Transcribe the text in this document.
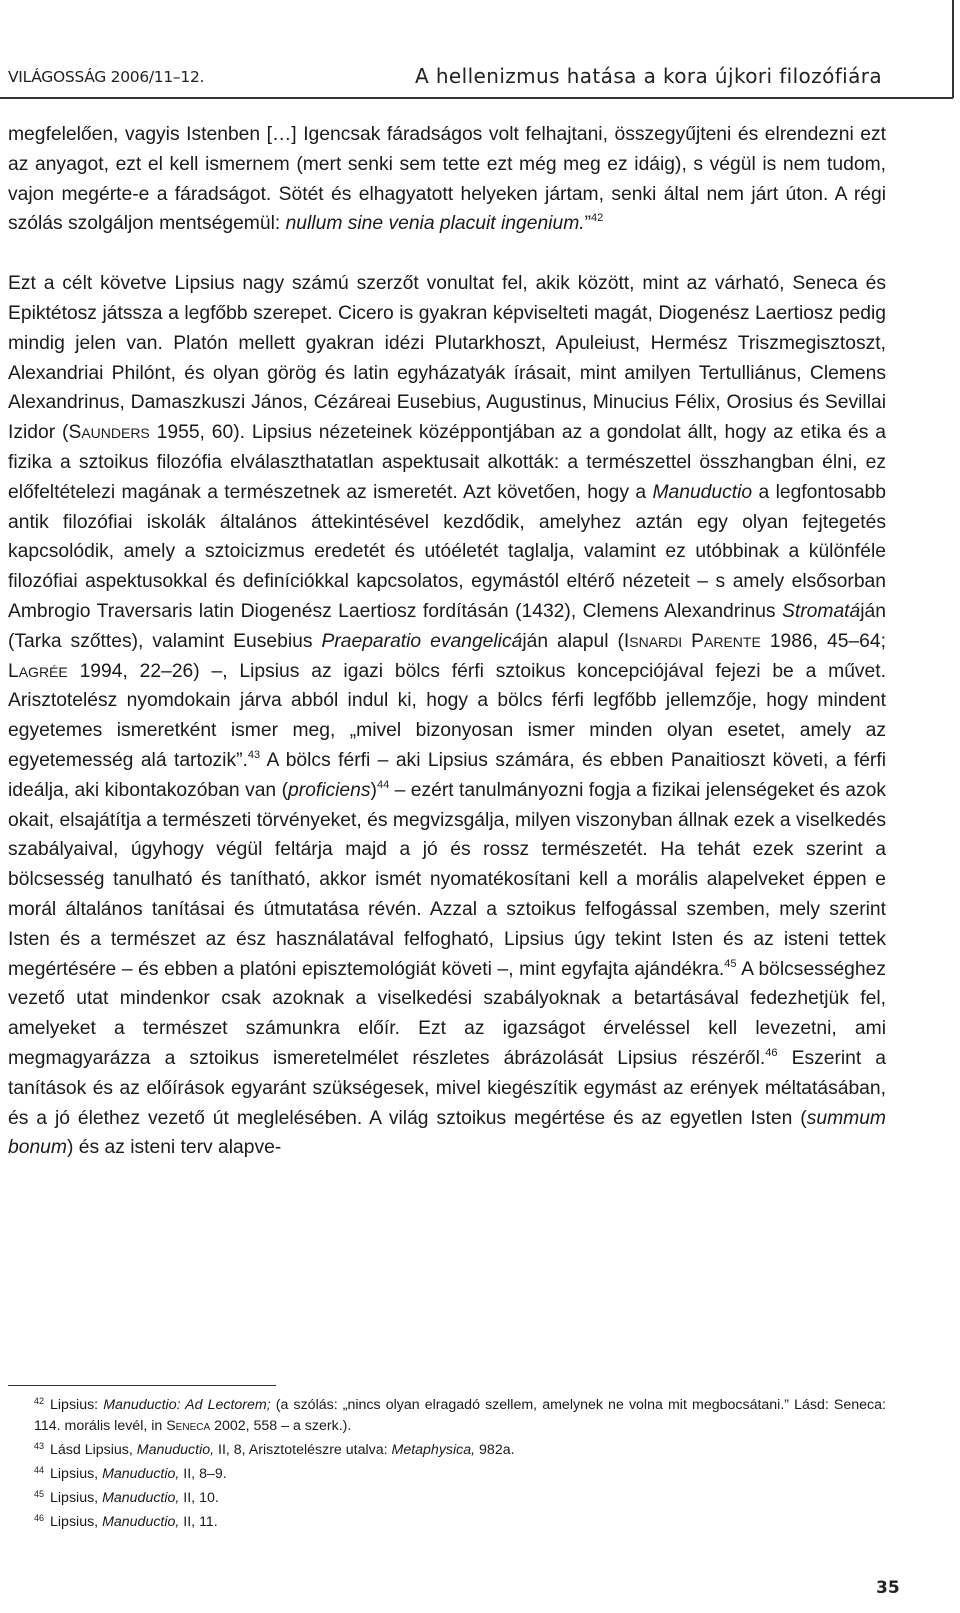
VILÁGOSSÁG 2006/11–12.	A hellenizmus hatása a kora újkori filozófiára

megfelelően, vagyis Istenben […] Igencsak fáradságos volt felhajtani, összegyűjteni és elrendezni ezt az anyagot, ezt el kell ismernem (mert senki sem tette ezt még meg ez idáig), s végül is nem tudom, vajon megérte-e a fáradságot. Sötét és elhagyatott helyeken jártam, senki által nem járt úton. A régi szólás szolgáljon mentségemül: nullum sine venia placuit ingenium.”$^{42}$

Ezt a célt követve Lipsius nagy számú szerzőt vonultat fel, akik között, mint az várható, Seneca és Epiktétosz játssza a legfőbb szerepet. Cicero is gyakran képviselteti magát, Diogenész Laertiosz pedig mindig jelen van. Platón mellett gyakran idézi Plutarkhoszt, Apuleiust, Hermész Triszmegisztoszt, Alexandriai Philónt, és olyan görög és latin egyházatyák írásait, mint amilyen Tertulliánus, Clemens Alexandrinus, Damaszkuszi János, Cézáreai Eusebius, Augustinus, Minucius Félix, Orosius és Sevillai Izidor (Saunders 1955, 60). Lipsius nézeteinek középpontjában az a gondolat állt, hogy az etika és a fizika a sztoikus filozófia elválaszthatatlan aspektusait alkották: a természettel összhangban élni, ez előfeltételezi magának a természetnek az ismeretét. Azt követően, hogy a Manuductio a legfontosabb antik filozófiai iskolák általános áttekintésével kezdődik, amelyhez aztán egy olyan fejtegetés kapcsolódik, amely a sztoicizmus eredetét és utóéletét taglalja, valamint ez utóbbinak a különféle filozófiai aspektusokkal és definíciókkal kapcsolatos, egymástól eltérő nézeteit – s amely elsősorban Ambrogio Traversaris latin Diogenész Laertiosz fordításán (1432), Clemens Alexandrinus Stromatáján (Tarka szőttes), valamint Eusebius Praeparatio evangelicáján alapul (Isnardi Parente 1986, 45–64; Lagrée 1994, 22–26) –, Lipsius az igazi bölcs férfi sztoikus koncepciójával fejezi be a művet. Arisztotelész nyomdokain járva abból indul ki, hogy a bölcs férfi legfőbb jellemzője, hogy mindent egyetemes ismeretként ismer meg, „mivel bizonyosan ismer minden olyan esetet, amely az egyetemesség alá tartozik”.$^{43}$ A bölcs férfi – aki Lipsius számára, és ebben Panaitioszt követi, a férfi ideálja, aki kibontakozóban van (proficiens)$^{44}$ – ezért tanulmányozni fogja a fizikai jelenségeket és azok okait, elsajátítja a természeti törvényeket, és megvizsgálja, milyen viszonyban állnak ezek a viselkedés szabályaival, úgyhogy végül feltárja majd a jó és rossz természetét. Ha tehát ezek szerint a bölcsesség tanulható és tanítható, akkor ismét nyomatékosítani kell a morális alapelveket éppen e morál általános tanításai és útmutatása révén. Azzal a sztoikus felfogással szemben, mely szerint Isten és a természet az ész használatával felfogható, Lipsius úgy tekint Isten és az isteni tettek megértésére – és ebben a platóni episztemológiát követi –, mint egyfajta ajándékra.$^{45}$ A bölcsességhez vezető utat mindenkor csak azoknak a viselkedési szabályoknak a betartásával fedezhetjük fel, amelyeket a természet számunkra előír. Ezt az igazságot érveléssel kell levezetni, ami megmagyarázza a sztoikus ismeretelmélet részletes ábrázolását Lipsius részéről.$^{46}$ Eszerint a tanítások és az előírások egyaránt szükségesek, mivel kiegészítik egymást az erények méltatásában, és a jó élethez vezető út meglelésében. A világ sztoikus megértése és az egyetlen Isten (summum bonum) és az isteni terv alapve-

$^{42}$ Lipsius: Manuductio: Ad Lectorem; (a szólás: „nincs olyan elragadó szellem, amelynek ne volna mit megbocsátani.” Lásd: Seneca: 114. morális levél, in Seneca 2002, 558 – a szerk.).

$^{43}$ Lásd Lipsius, Manuductio, II, 8, Arisztotelészre utalva: Metaphysica, 982a.

$^{44}$ Lipsius, Manuductio, II, 8–9.

$^{45}$ Lipsius, Manuductio, II, 10.

$^{46}$ Lipsius, Manuductio, II, 11.

35
